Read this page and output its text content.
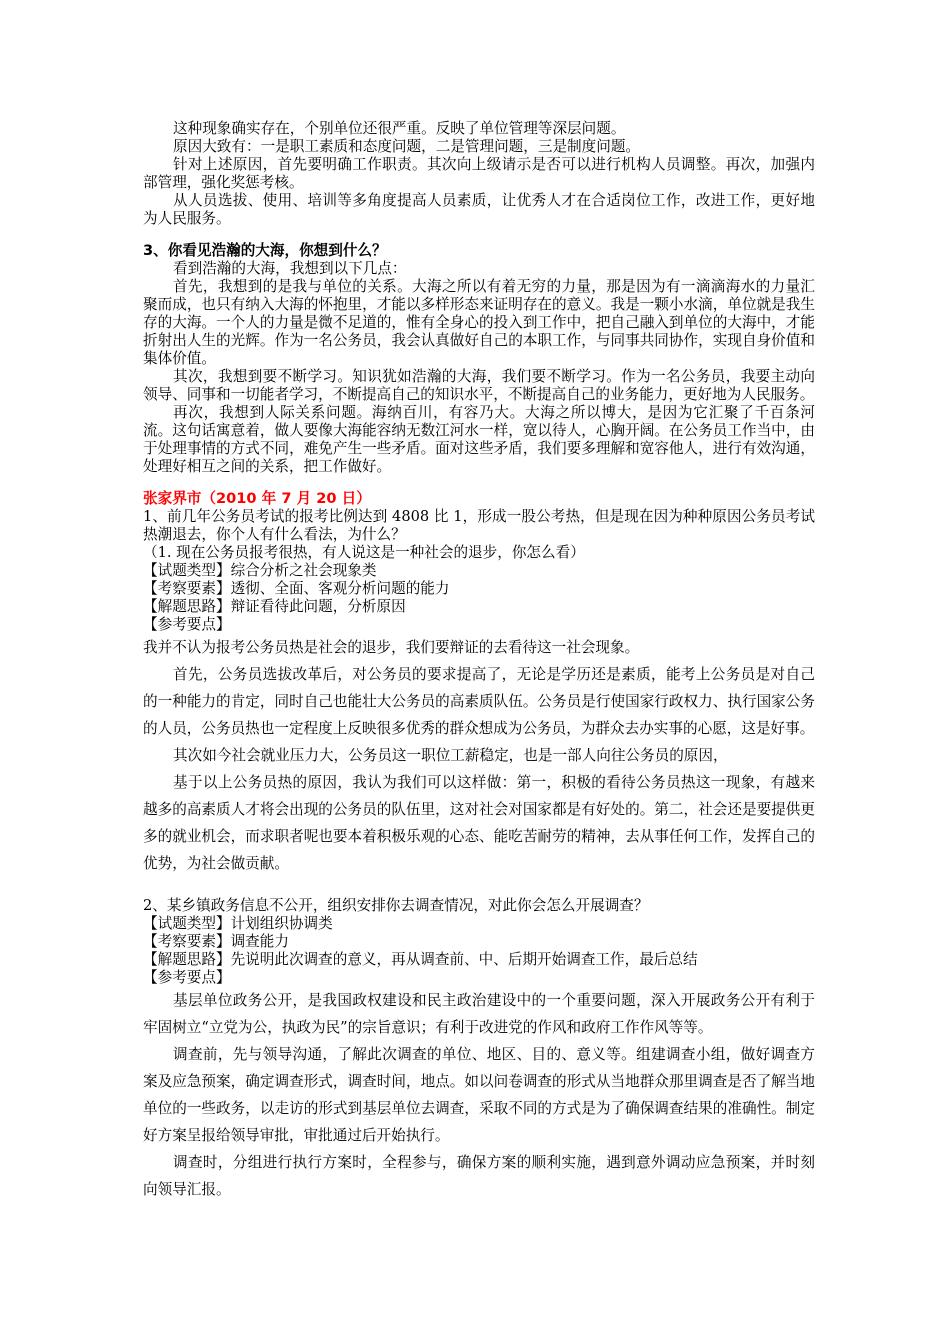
这种现象确实存在，个别单位还很严重。反映了单位管理等深层问题。

原因大致有：一是职工素质和态度问题，二是管理问题，三是制度问题。

针对上述原因，首先要明确工作职责。其次向上级请示是否可以进行机构人员调整。再次，加强内部管理，强化奖惩考核。

从人员选拔、使用、培训等多角度提高人员素质，让优秀人才在合适岗位工作，改进工作，更好地为人民服务。

3、你看见浩瀚的大海，你想到什么？

看到浩瀚的大海，我想到以下几点：

首先，我想到的是我与单位的关系。大海之所以有着无穷的力量，那是因为有一滴滴海水的力量汇聚而成，也只有纳入大海的怀抱里，才能以多样形态来证明存在的意义。我是一颗小水滴，单位就是我生存的大海。一个人的力量是微不足道的，惟有全身心的投入到工作中，把自己融入到单位的大海中，才能折射出人生的光辉。作为一名公务员，我会认真做好自己的本职工作，与同事共同协作，实现自身价值和集体价值。

其次，我想到要不断学习。知识犹如浩瀚的大海，我们要不断学习。作为一名公务员，我要主动向领导、同事和一切能者学习，不断提高自己的知识水平，不断提高自己的业务能力，更好地为人民服务。

再次，我想到人际关系问题。海纳百川，有容乃大。大海之所以博大，是因为它汇聚了千百条河流。这句话寓意着，做人要像大海能容纳无数江河水一样，宽以待人，心胸开阔。在公务员工作当中，由于处理事情的方式不同，难免产生一些矛盾。面对这些矛盾，我们要多理解和宽容他人，进行有效沟通，处理好相互之间的关系，把工作做好。

张家界市（2010 年 7 月 20 日）

1、前几年公务员考试的报考比例达到 4808 比 1，形成一股公考热，但是现在因为种种原因公务员考试热潮退去，你个人有什么看法，为什么？

（1. 现在公务员报考很热，有人说这是一种社会的退步，你怎么看）

【试题类型】综合分析之社会现象类

【考察要素】透彻、全面、客观分析问题的能力

【解题思路】辩证看待此问题，分析原因

【参考要点】

我并不认为报考公务员热是社会的退步，我们要辩证的去看待这一社会现象。

首先，公务员选拔改革后，对公务员的要求提高了，无论是学历还是素质，能考上公务员是对自己的一种能力的肯定，同时自己也能壮大公务员的高素质队伍。公务员是行使国家行政权力、执行国家公务的人员，公务员热也一定程度上反映很多优秀的群众想成为公务员，为群众去办实事的心愿，这是好事。

其次如今社会就业压力大，公务员这一职位工薪稳定，也是一部人向往公务员的原因，

基于以上公务员热的原因，我认为我们可以这样做：第一，积极的看待公务员热这一现象，有越来越多的高素质人才将会出现的公务员的队伍里，这对社会对国家都是有好处的。第二，社会还是要提供更多的就业机会，而求职者呢也要本着积极乐观的心态、能吃苦耐劳的精神，去从事任何工作，发挥自己的优势，为社会做贡献。

2、某乡镇政务信息不公开，组织安排你去调查情况，对此你会怎么开展调查？

【试题类型】计划组织协调类

【考察要素】调查能力

【解题思路】先说明此次调查的意义，再从调查前、中、后期开始调查工作，最后总结

【参考要点】

基层单位政务公开，是我国政权建设和民主政治建设中的一个重要问题，深入开展政务公开有利于牢固树立“立党为公，执政为民”的宗旨意识；有利于改进党的作风和政府工作作风等等。

调查前，先与领导沟通，了解此次调查的单位、地区、目的、意义等。组建调查小组，做好调查方案及应急预案，确定调查形式，调查时间，地点。如以问卷调查的形式从当地群众那里调查是否了解当地单位的一些政务，以走访的形式到基层单位去调查，采取不同的方式是为了确保调查结果的准确性。制定好方案呈报给领导审批，审批通过后开始执行。

调查时，分组进行执行方案时，全程参与，确保方案的顺利实施，遇到意外调动应急预案，并时刻向领导汇报。
